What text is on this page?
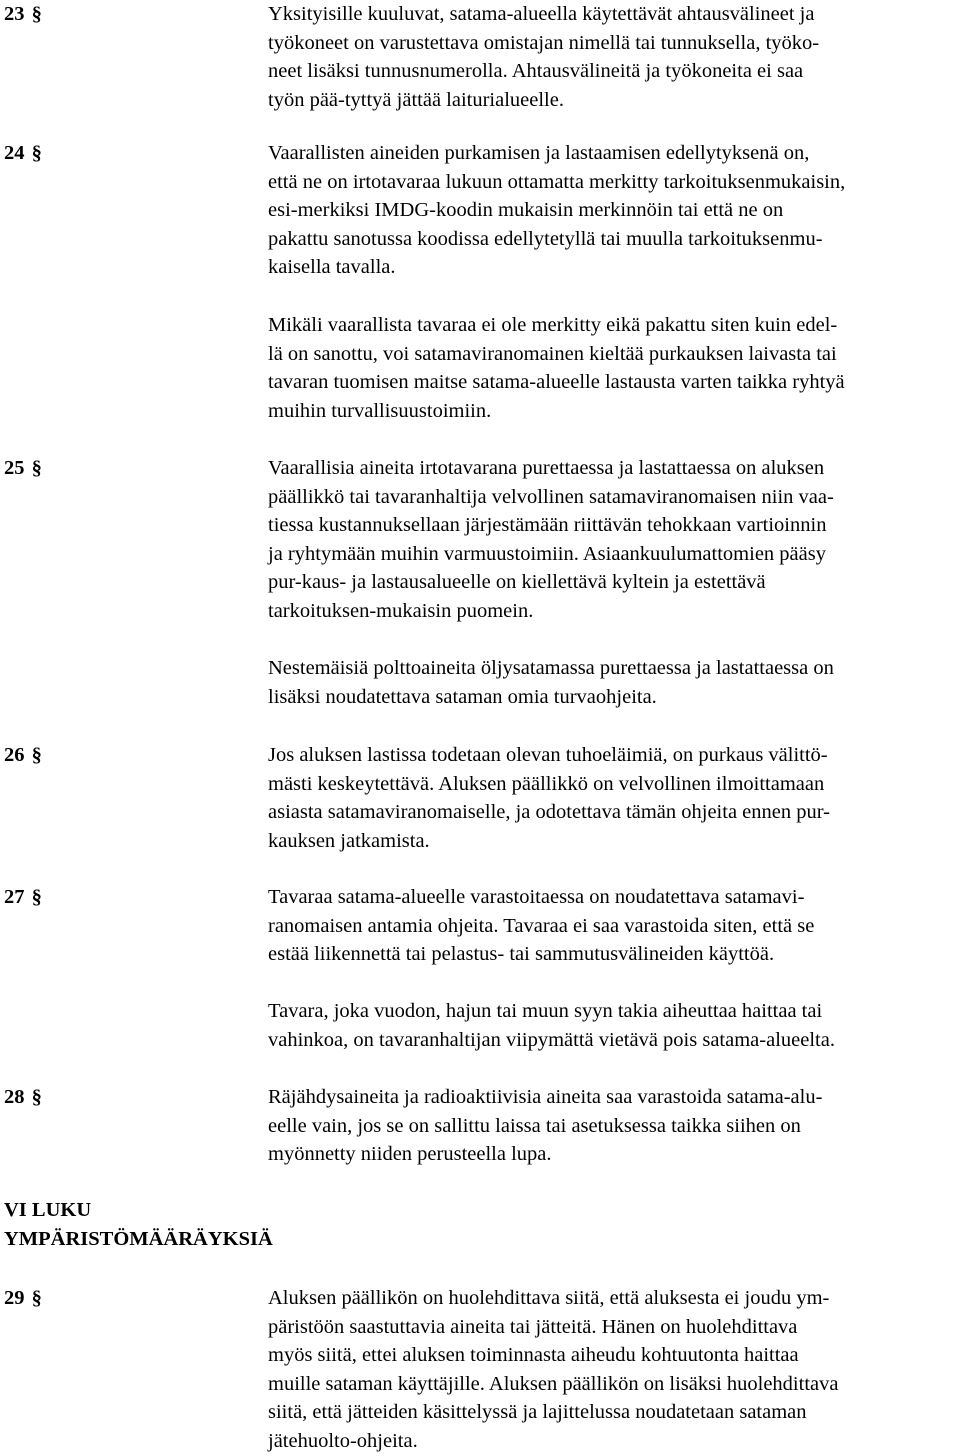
23 §	Yksityisille kuuluvat, satama-alueella käytettävät ahtausvälineet ja
työkoneet on varustettava omistajan nimellä tai tunnuksella, työko-
neet lisäksi tunnusnumerolla. Ahtausvälineitä ja työkoneita ei saa
työn pää-tyttyä jättää laiturialueelle.
24 §	Vaarallisten aineiden purkamisen ja lastaamisen edellytyksenä on,
että ne on irtotavaraa lukuun ottamatta merkitty tarkoituksenmukaisin,
esi-merkiksi IMDG-koodin mukaisin merkinnöin tai että ne on
pakattu sanotussa koodissa edellytetyllä tai muulla tarkoituksenmu-
kaisella tavalla.
Mikäli vaarallista tavaraa ei ole merkitty eikä pakattu siten kuin edel-
lä on sanottu, voi satamaviranomainen kieltää purkauksen laivasta tai
tavaran tuomisen maitse satama-alueelle lastausta varten taikka ryhtyä
muihin turvallisuustoimiin.
25 §	Vaarallisia aineita irtotavarana purettaessa ja lastattaessa on aluksen
päällikkö tai tavaranhaltija velvollinen satamaviranomaisen niin vaa-
tiessa kustannuksellaan järjestämään riittävän tehokkaan vartioinnin
ja ryhtymään muihin varmuustoimiin. Asiaankuulumattomien pääsy
pur-kaus- ja lastausalueelle on kiellettävä kyltein ja estettävä
tarkoituksen-mukaisin puomein.
Nestemäisiä polttoaineita öljysatamassa purettaessa ja lastattaessa on
lisäksi noudatettava sataman omia turvaohjeita.
26 §	Jos aluksen lastissa todetaan olevan tuhoeläimiä, on purkaus välittö-
mästi keskeytettävä. Aluksen päällikkö on velvollinen ilmoittamaan
asiasta satamaviranomaiselle, ja odotettava tämän ohjeita ennen pur-
kauksen jatkamista.
27 §	Tavaraa satama-alueelle varastoitaessa on noudatettava satamavi-
ranomaisen antamia ohjeita. Tavaraa ei saa varastoida siten, että se
estää liikennettä tai pelastus- tai sammutusvälineiden käyttöä.
Tavara, joka vuodon, hajun tai muun syyn takia aiheuttaa haittaa tai
vahinkoa, on tavaranhaltijan viipymättä vietävä pois satama-alueelta.
28 §	Räjähdysaineita ja radioaktiivisia aineita saa varastoida satama-alu-
eelle vain, jos se on sallittu laissa tai asetuksessa taikka siihen on
myönnetty niiden perusteella lupa.
VI LUKU
YMPÄRISTÖMÄÄRÄYKSIÄ
29 §	Aluksen päällikön on huolehdittava siitä, että aluksesta ei joudu ym-
päristöön saastuttavia aineita tai jätteitä. Hänen on huolehdittava
myös siitä, ettei aluksen toiminnasta aiheudu kohtuutonta haittaa
muille sataman käyttäjille. Aluksen päällikön on lisäksi huolehdittava
siitä, että jätteiden käsittelyssä ja lajittelussa noudatetaan sataman
jätehuolto-ohjeita.
